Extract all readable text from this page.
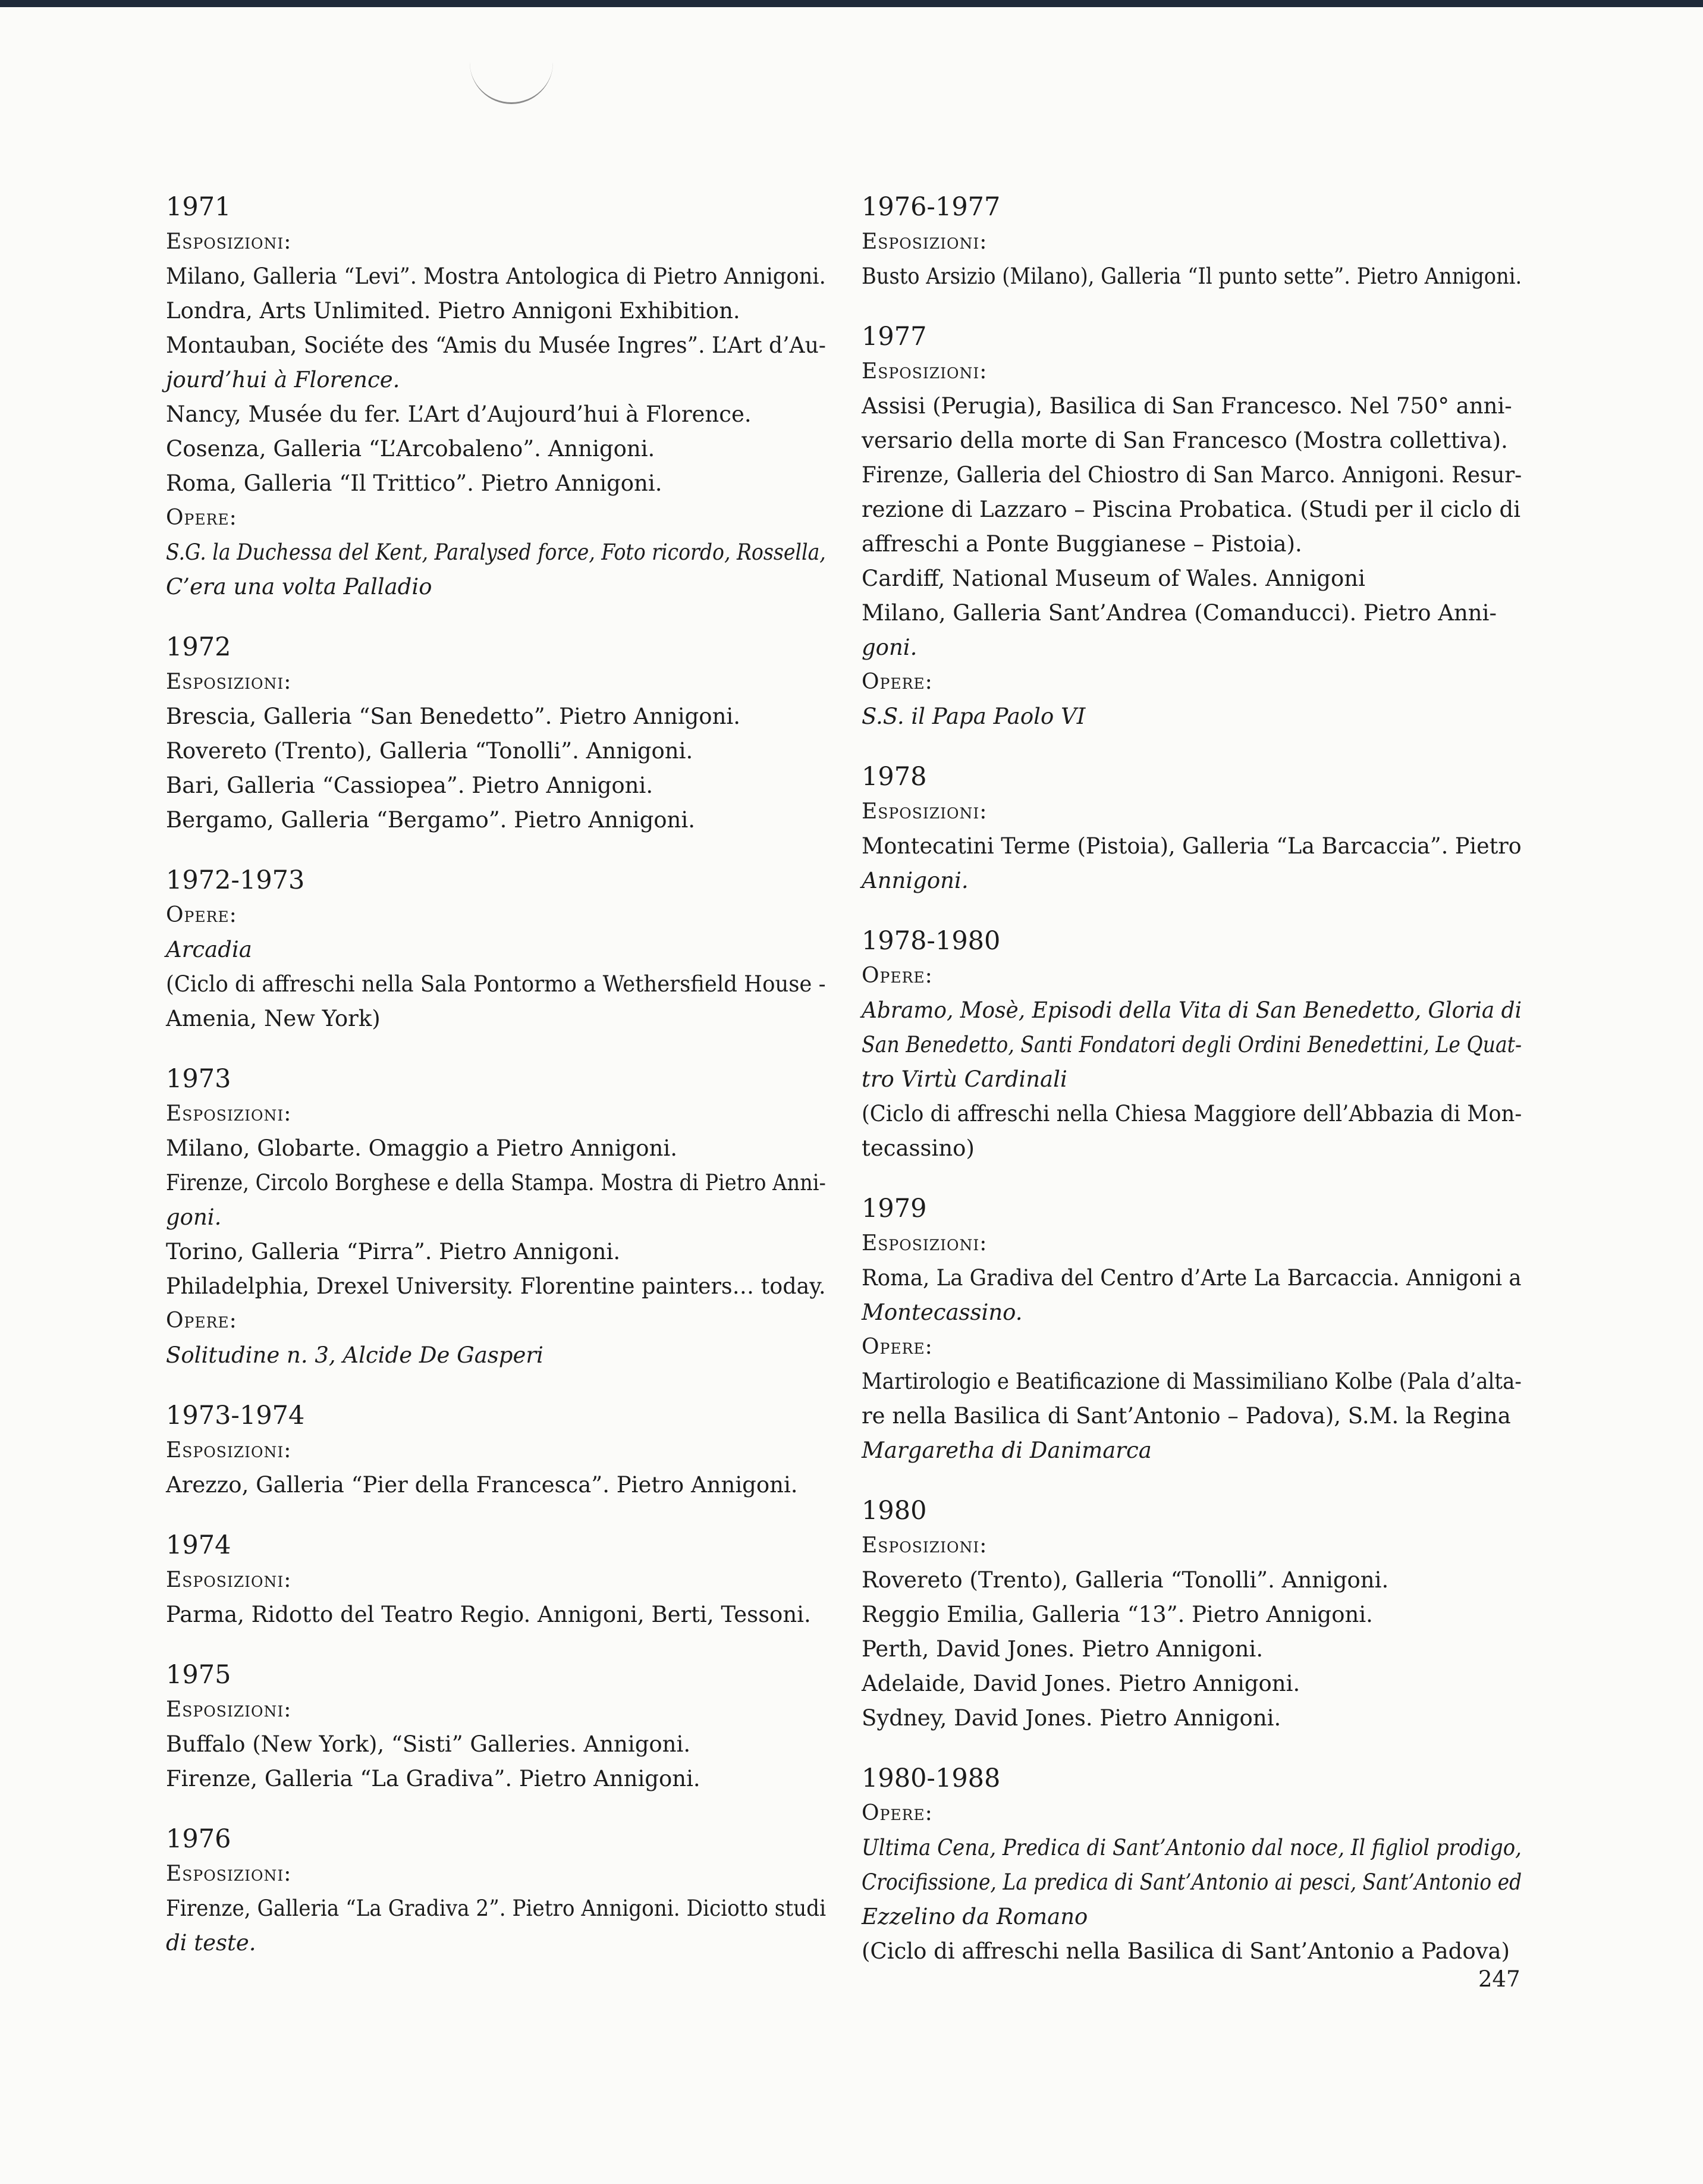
1971
Esposizioni:
Milano, Galleria “Levi”. Mostra Antologica di Pietro Annigoni.
Londra, Arts Unlimited. Pietro Annigoni Exhibition.
Montauban, Sociéte des “Amis du Musée Ingres”. L’Art d’Au-
jourd’hui à Florence.
Nancy, Musée du fer. L’Art d’Aujourd’hui à Florence.
Cosenza, Galleria “L’Arcobaleno”. Annigoni.
Roma, Galleria “Il Trittico”. Pietro Annigoni.
Opere:
S.G. la Duchessa del Kent, Paralysed force, Foto ricordo, Rossella,
C’era una volta Palladio
1972
Esposizioni:
Brescia, Galleria “San Benedetto”. Pietro Annigoni.
Rovereto (Trento), Galleria “Tonolli”. Annigoni.
Bari, Galleria “Cassiopea”. Pietro Annigoni.
Bergamo, Galleria “Bergamo”. Pietro Annigoni.
1972-1973
Opere:
Arcadia
(Ciclo di affreschi nella Sala Pontormo a Wethersfield House -
Amenia, New York)
1973
Esposizioni:
Milano, Globarte. Omaggio a Pietro Annigoni.
Firenze, Circolo Borghese e della Stampa. Mostra di Pietro Anni-
goni.
Torino, Galleria “Pirra”. Pietro Annigoni.
Philadelphia, Drexel University. Florentine painters… today.
Opere:
Solitudine n. 3, Alcide De Gasperi
1973-1974
Esposizioni:
Arezzo, Galleria “Pier della Francesca”. Pietro Annigoni.
1974
Esposizioni:
Parma, Ridotto del Teatro Regio. Annigoni, Berti, Tessoni.
1975
Esposizioni:
Buffalo (New York), “Sisti” Galleries. Annigoni.
Firenze, Galleria “La Gradiva”. Pietro Annigoni.
1976
Esposizioni:
Firenze, Galleria “La Gradiva 2”. Pietro Annigoni. Diciotto studi
di teste.
1976-1977
Esposizioni:
Busto Arsizio (Milano), Galleria “Il punto sette”. Pietro Annigoni.
1977
Esposizioni:
Assisi (Perugia), Basilica di San Francesco. Nel 750° anni-
versario della morte di San Francesco (Mostra collettiva).
Firenze, Galleria del Chiostro di San Marco. Annigoni. Resur-
rezione di Lazzaro – Piscina Probatica. (Studi per il ciclo di
affreschi a Ponte Buggianese – Pistoia).
Cardiff, National Museum of Wales. Annigoni
Milano, Galleria Sant’Andrea (Comanducci). Pietro Anni-
goni.
Opere:
S.S. il Papa Paolo VI
1978
Esposizioni:
Montecatini Terme (Pistoia), Galleria “La Barcaccia”. Pietro
Annigoni.
1978-1980
Opere:
Abramo, Mosè, Episodi della Vita di San Benedetto, Gloria di
San Benedetto, Santi Fondatori degli Ordini Benedettini, Le Quat-
tro Virtù Cardinali
(Ciclo di affreschi nella Chiesa Maggiore dell’Abbazia di Mon-
tecassino)
1979
Esposizioni:
Roma, La Gradiva del Centro d’Arte La Barcaccia. Annigoni a
Montecassino.
Opere:
Martirologio e Beatificazione di Massimiliano Kolbe (Pala d’alta-
re nella Basilica di Sant’Antonio – Padova), S.M. la Regina
Margaretha di Danimarca
1980
Esposizioni:
Rovereto (Trento), Galleria “Tonolli”. Annigoni.
Reggio Emilia, Galleria “13”. Pietro Annigoni.
Perth, David Jones. Pietro Annigoni.
Adelaide, David Jones. Pietro Annigoni.
Sydney, David Jones. Pietro Annigoni.
1980-1988
Opere:
Ultima Cena, Predica di Sant’Antonio dal noce, Il figliol prodigo,
Crocifissione, La predica di Sant’Antonio ai pesci, Sant’Antonio ed
Ezzelino da Romano
(Ciclo di affreschi nella Basilica di Sant’Antonio a Padova)
247
